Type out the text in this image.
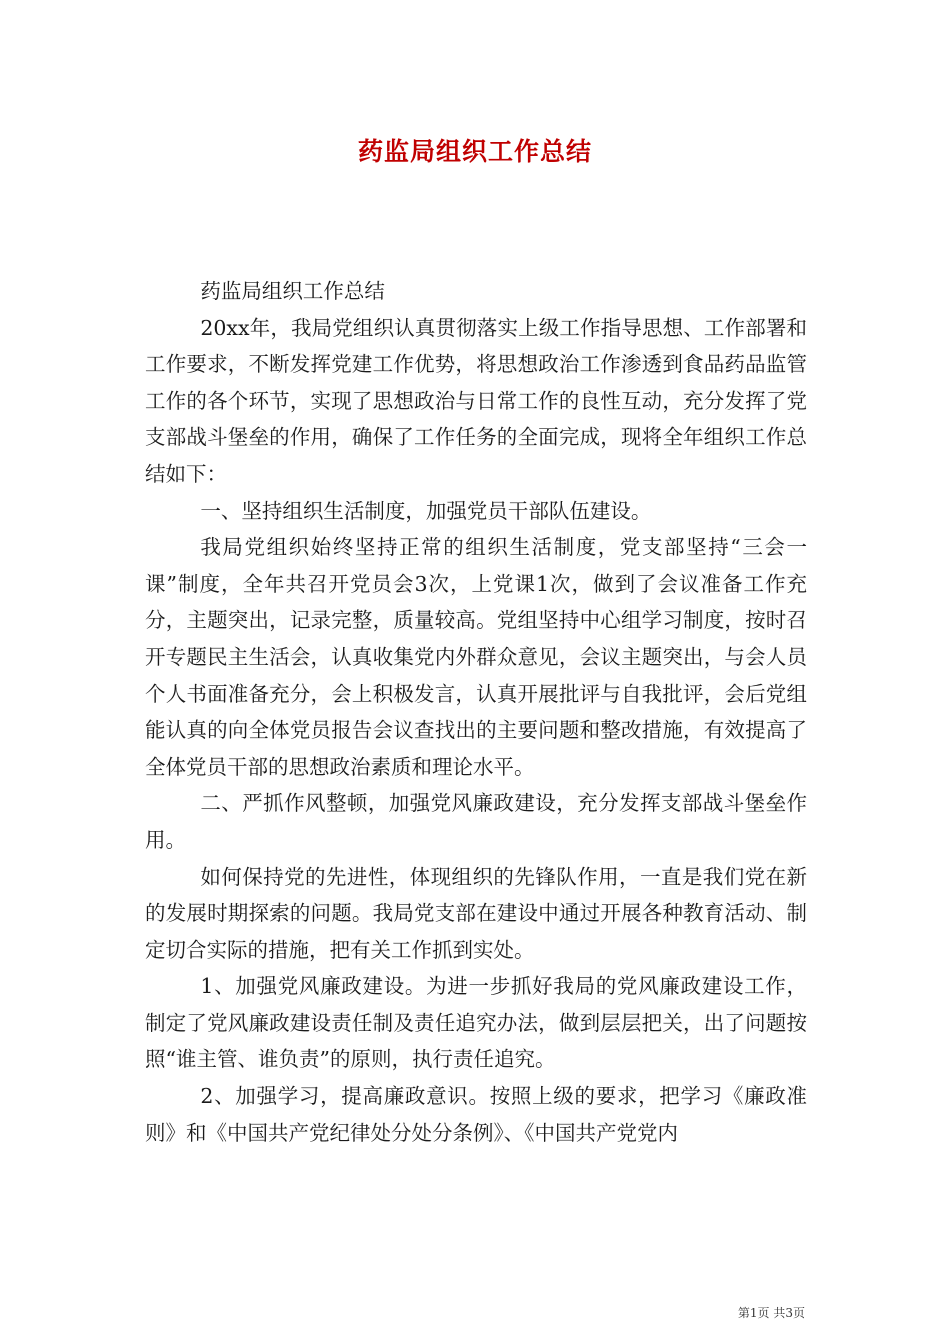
药监局组织工作总结

药监局组织工作总结

20xx年，我局党组织认真贯彻落实上级工作指导思想、工作部署和工作要求，不断发挥党建工作优势，将思想政治工作渗透到食品药品监管工作的各个环节，实现了思想政治与日常工作的良性互动，充分发挥了党支部战斗堡垒的作用，确保了工作任务的全面完成，现将全年组织工作总结如下：

一、坚持组织生活制度，加强党员干部队伍建设。

我局党组织始终坚持正常的组织生活制度，党支部坚持“三会一课”制度，全年共召开党员会3次，上党课1次，做到了会议准备工作充分，主题突出，记录完整，质量较高。党组坚持中心组学习制度，按时召开专题民主生活会，认真收集党内外群众意见，会议主题突出，与会人员个人书面准备充分，会上积极发言，认真开展批评与自我批评，会后党组能认真的向全体党员报告会议查找出的主要问题和整改措施，有效提高了全体党员干部的思想政治素质和理论水平。

二、严抓作风整顿，加强党风廉政建设，充分发挥支部战斗堡垒作用。

如何保持党的先进性，体现组织的先锋队作用，一直是我们党在新的发展时期探索的问题。我局党支部在建设中通过开展各种教育活动、制定切合实际的措施，把有关工作抓到实处。

1、加强党风廉政建设。为进一步抓好我局的党风廉政建设工作，制定了党风廉政建设责任制及责任追究办法，做到层层把关，出了问题按照“谁主管、谁负责”的原则，执行责任追究。

2、加强学习，提高廉政意识。按照上级的要求，把学习《廉政准则》和《中国共产党纪律处分处分条例》、《中国共产党党内

第1页 共3页
